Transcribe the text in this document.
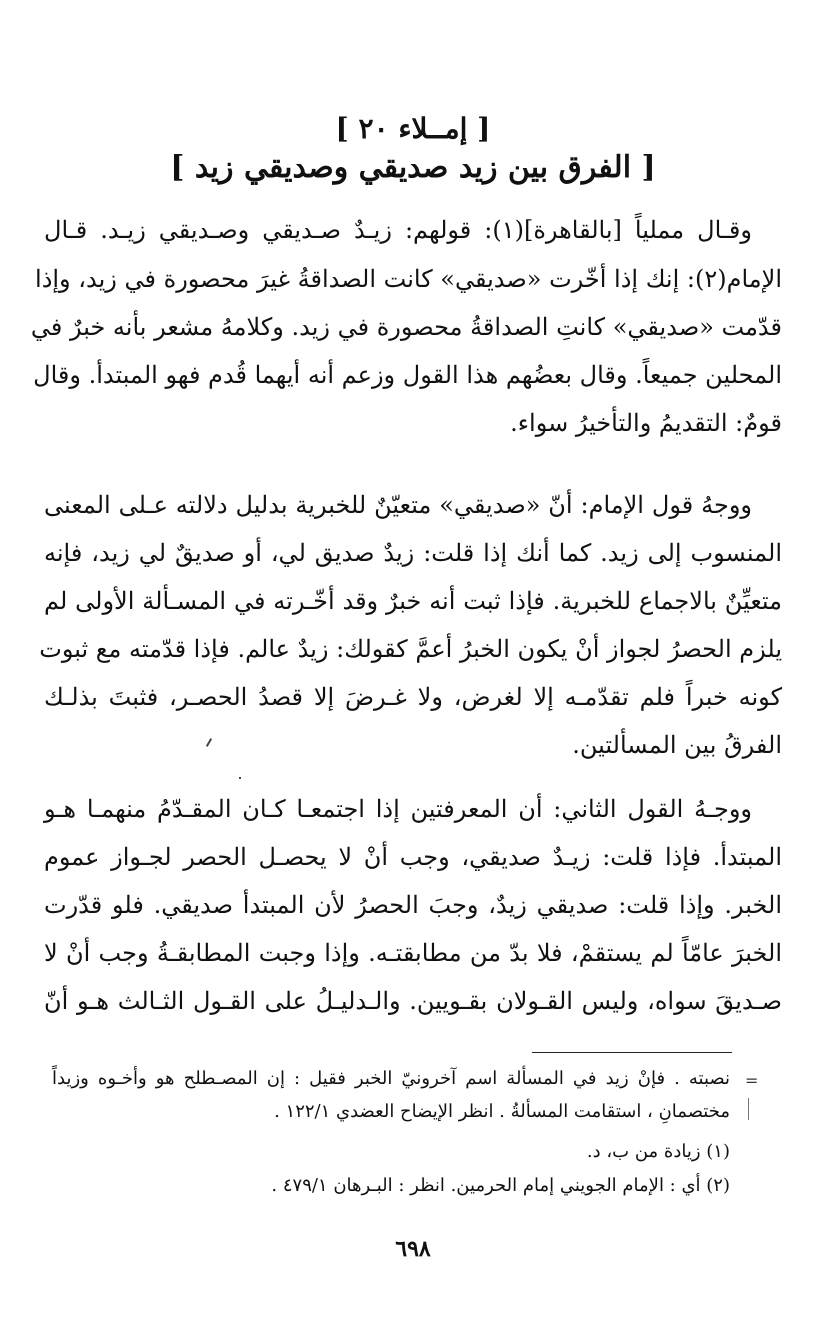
[ إمــلاء ٢٠ ]
[ الفرق بين زيد صديقي وصديقي زيد ]
وقـال مملياً [بالقاهرة](١): قولهم: زيـدٌ صـديقي وصـديقي زيـد. قـال
الإمام(٢): إنك إذا أخّرت «صديقي» كانت الصداقةُ غيرَ محصورة في زيد، وإذا
قدّمت «صديقي» كانتِ الصداقةُ محصورة في زيد. وكلامهُ مشعر بأنه خبرٌ في
المحلين جميعاً. وقال بعضُهم هذا القول وزعم أنه أيهما قُدم فهو المبتدأ. وقال
قومٌ: التقديمُ والتأخيرُ سواء.
ووجهُ قول الإمام: أنّ «صديقي» متعيّنٌ للخبرية بدليل دلالته عـلى المعنى
المنسوب إلى زيد. كما أنك إذا قلت: زيدٌ صديق لي، أو صديقٌ لي زيد، فإنه
متعيِّنٌ بالاجماع للخبرية. فإذا ثبت أنه خبرٌ وقد أخّـرته في المسـألة الأولى لم
يلزم الحصرُ لجواز أنْ يكون الخبرُ أعمَّ كقولك: زيدٌ عالم. فإذا قدّمته مع ثبوت
كونه خبراً فلم تقدّمـه إلا لغرض، ولا غـرضَ إلا قصدُ الحصـر، فثبتَ بذلـك
الفرقُ بين المسألتين.
ووجـهُ القول الثاني: أن المعرفتين إذا اجتمعـا كـان المقـدّمُ منهمـا هـو
المبتدأ. فإذا قلت: زيـدٌ صديقي، وجب أنْ لا يحصـل الحصر لجـواز عموم
الخبر. وإذا قلت: صديقي زيدٌ، وجبَ الحصرُ لأن المبتدأ صديقي. فلو قدّرت
الخبرَ عامّاً لم يستقمْ، فلا بدّ من مطابقتـه. وإذا وجبت المطابقـةُ وجب أنْ لا
صـديقَ سواه، وليس القـولان بقـويين. والـدليـلُ على القـول الثـالث هـو أنّ
=
نصبته . فإنْ زيد في المسألة اسم آخرونيّ الخبر فقيل : إن المصـطلح هو وأخـوه وزيداً
مختصمانِ ، استقامت المسألةُ . انظر الإيضاح العضدي ١٢٢/١ .
(١) زيادة من ب، د.
(٢) أي : الإمام الجويني إمام الحرمين. انظر : البـرهان ٤٧٩/١ .
٦٩٨
